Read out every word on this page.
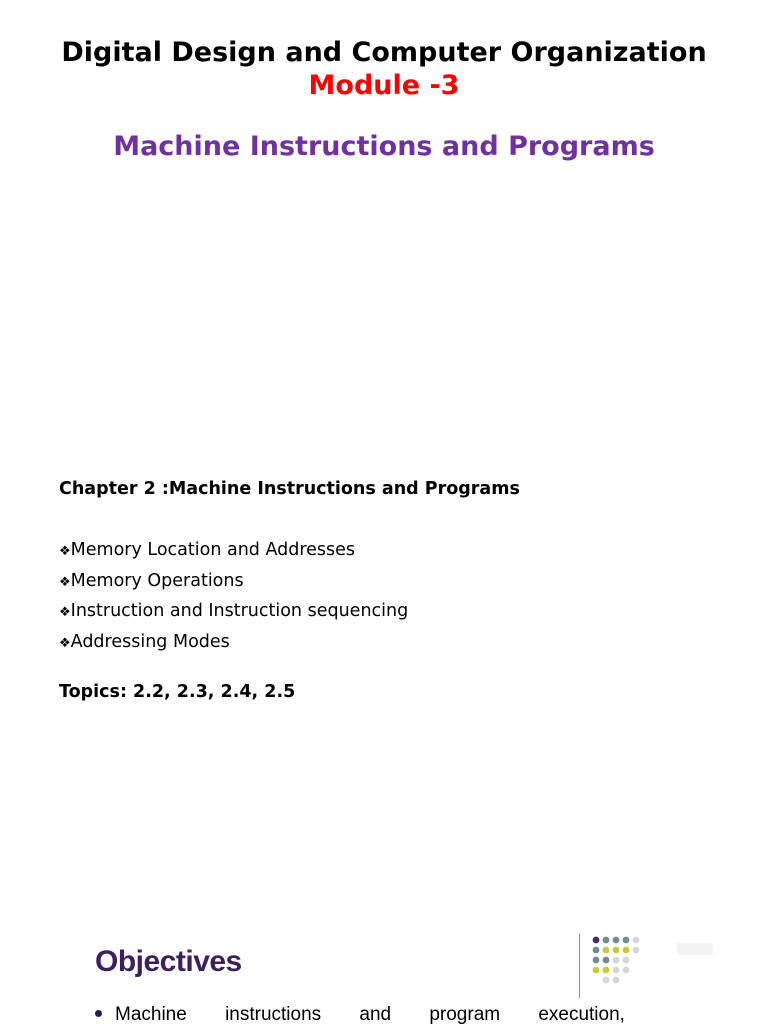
Digital Design and Computer Organization
Module -3
Machine Instructions and Programs
Chapter 2 :Machine Instructions and Programs
❖ Memory Location and Addresses
❖ Memory Operations
❖ Instruction and Instruction sequencing
❖ Addressing Modes
Topics: 2.2, 2.3, 2.4, 2.5
Objectives
Machine instructions and program execution,
